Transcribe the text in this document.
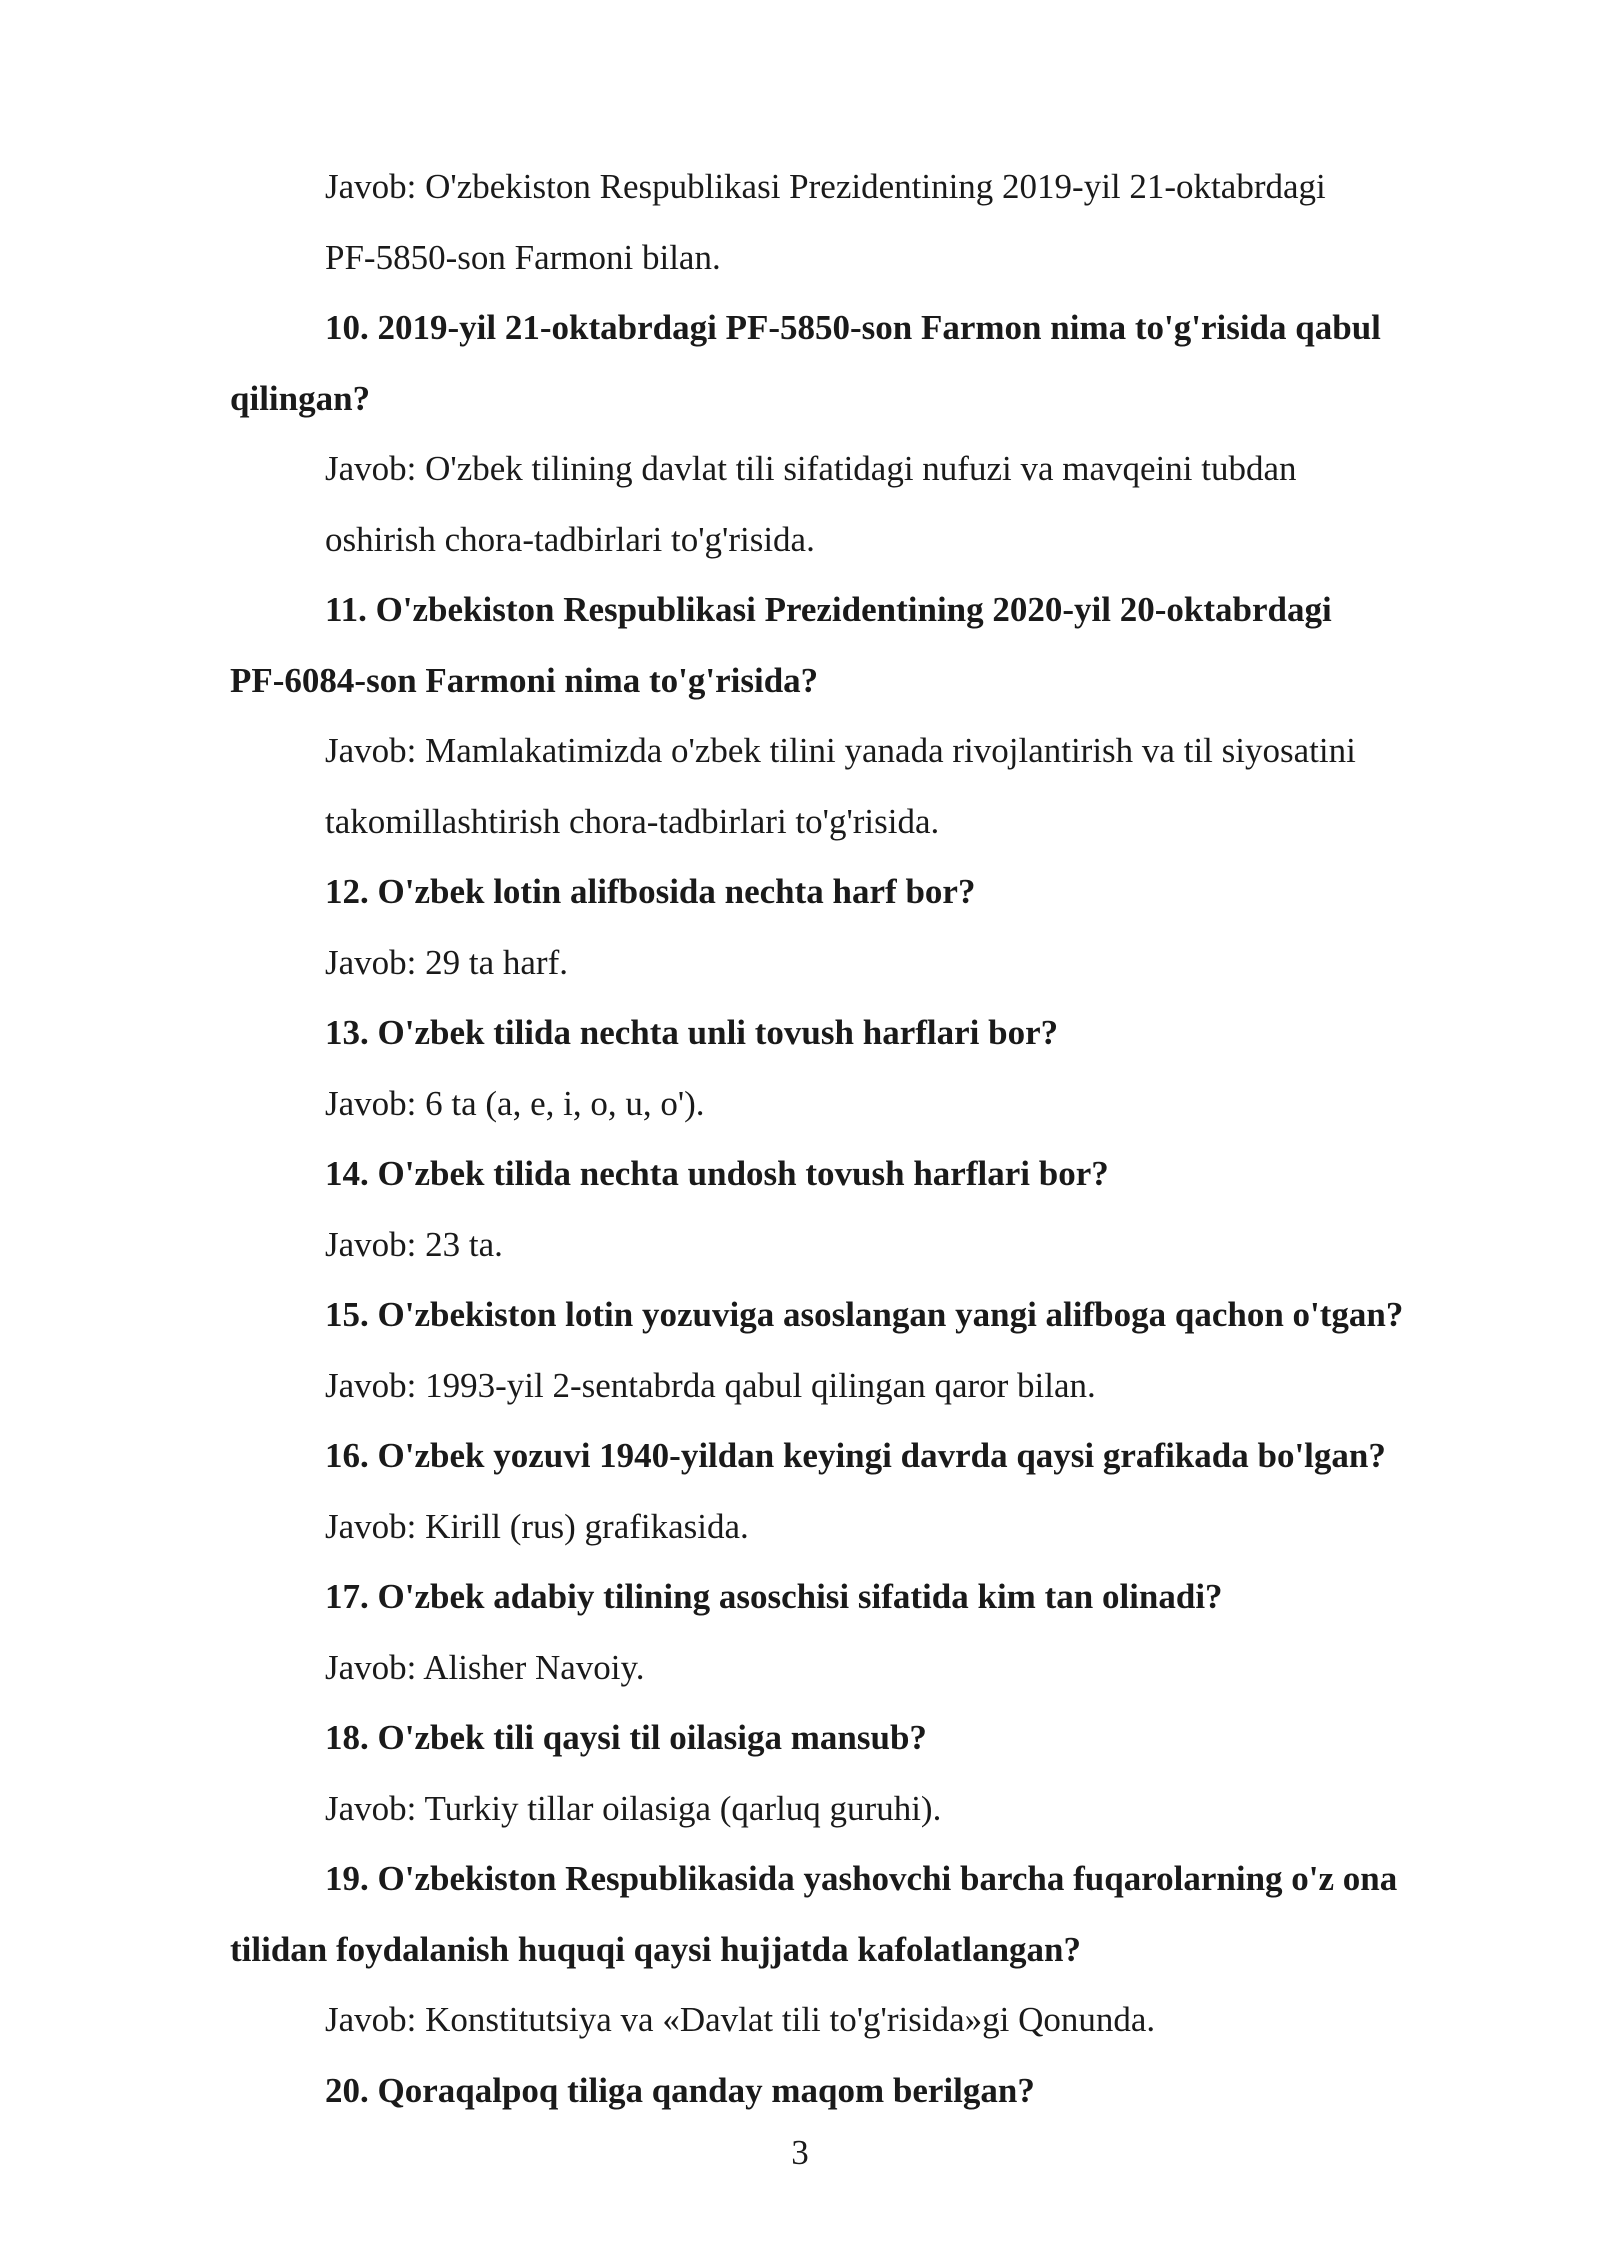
Javob: O'zbekiston Respublikasi Prezidentining 2019-yil 21-oktabrdagi

PF-5850-son Farmoni bilan.

10. 2019-yil 21-oktabrdagi PF-5850-son Farmon nima to'g'risida qabul

qilingan?

Javob: O'zbek tilining davlat tili sifatidagi nufuzi va mavqeini tubdan

oshirish chora-tadbirlari to'g'risida.

11. O'zbekiston Respublikasi Prezidentining 2020-yil 20-oktabrdagi

PF-6084-son Farmoni nima to'g'risida?

Javob: Mamlakatimizda o'zbek tilini yanada rivojlantirish va til siyosatini

takomillashtirish chora-tadbirlari to'g'risida.

12. O'zbek lotin alifbosida nechta harf bor?

Javob: 29 ta harf.

13. O'zbek tilida nechta unli tovush harflari bor?

Javob: 6 ta (a, e, i, o, u, o').

14. O'zbek tilida nechta undosh tovush harflari bor?

Javob: 23 ta.

15. O'zbekiston lotin yozuviga asoslangan yangi alifboga qachon o'tgan?

Javob: 1993-yil 2-sentabrda qabul qilingan qaror bilan.

16. O'zbek yozuvi 1940-yildan keyingi davrda qaysi grafikada bo'lgan?

Javob: Kirill (rus) grafikasida.

17. O'zbek adabiy tilining asoschisi sifatida kim tan olinadi?

Javob: Alisher Navoiy.

18. O'zbek tili qaysi til oilasiga mansub?

Javob: Turkiy tillar oilasiga (qarluq guruhi).

19. O'zbekiston Respublikasida yashovchi barcha fuqarolarning o'z ona

tilidan foydalanish huquqi qaysi hujjatda kafolatlangan?

Javob: Konstitutsiya va «Davlat tili to'g'risida»gi Qonunda.

20. Qoraqalpoq tiliga qanday maqom berilgan?

3
